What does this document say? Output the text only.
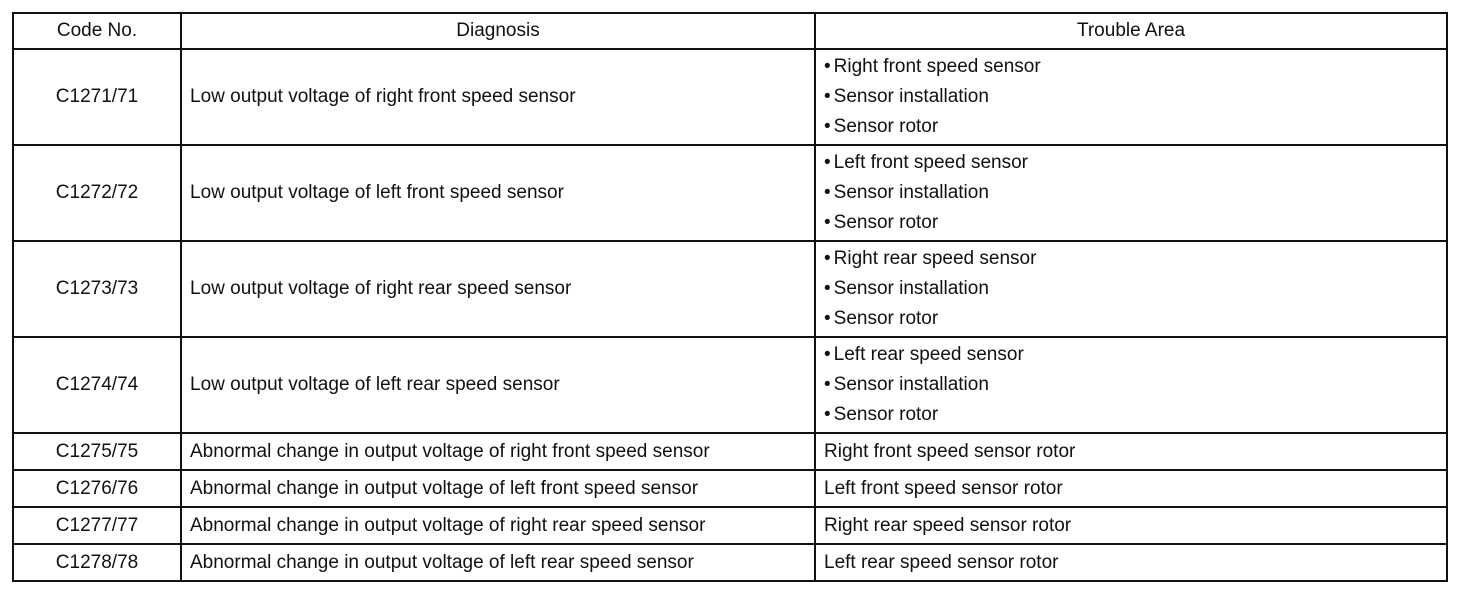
Code No.	Diagnosis	Trouble Area
C1271/71	Low output voltage of right front speed sensor	• Right front speed sensor
• Sensor installation
• Sensor rotor

C1272/72	Low output voltage of left front speed sensor	• Left front speed sensor
• Sensor installation
• Sensor rotor

C1273/73	Low output voltage of right rear speed sensor	• Right rear speed sensor
• Sensor installation
• Sensor rotor

C1274/74	Low output voltage of left rear speed sensor	• Left rear speed sensor
• Sensor installation
• Sensor rotor

C1275/75	Abnormal change in output voltage of right front speed sensor	Right front speed sensor rotor
C1276/76	Abnormal change in output voltage of left front speed sensor	Left front speed sensor rotor
C1277/77	Abnormal change in output voltage of right rear speed sensor	Right rear speed sensor rotor
C1278/78	Abnormal change in output voltage of left rear speed sensor	Left rear speed sensor rotor
